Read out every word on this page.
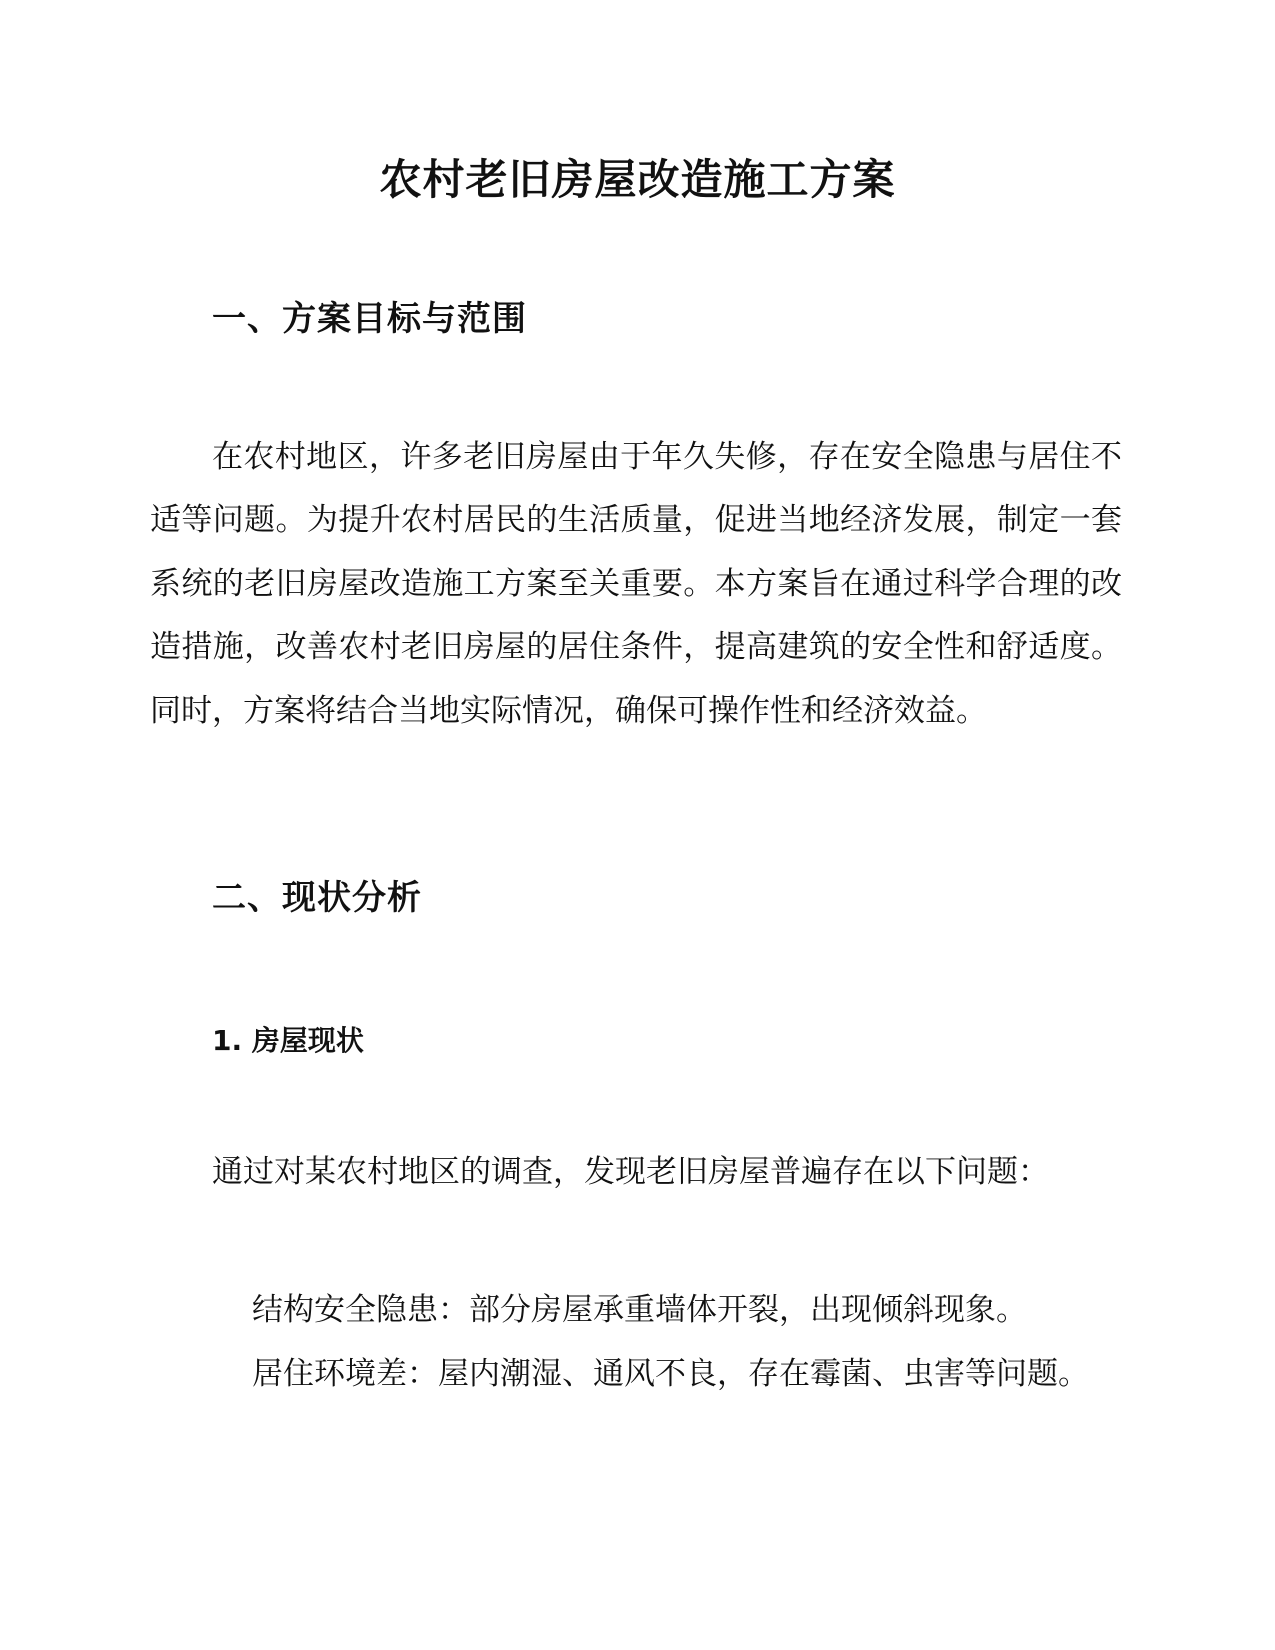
农村老旧房屋改造施工方案
一、方案目标与范围

在农村地区，许多老旧房屋由于年久失修，存在安全隐患与居住不适等问题。为提升农村居民的生活质量，促进当地经济发展，制定一套系统的老旧房屋改造施工方案至关重要。本方案旨在通过科学合理的改造措施，改善农村老旧房屋的居住条件，提高建筑的安全性和舒适度。同时，方案将结合当地实际情况，确保可操作性和经济效益。

二、现状分析
1. 房屋现状

通过对某农村地区的调查，发现老旧房屋普遍存在以下问题：

结构安全隐患：部分房屋承重墙体开裂，出现倾斜现象。
居住环境差：屋内潮湿、通风不良，存在霉菌、虫害等问题。
